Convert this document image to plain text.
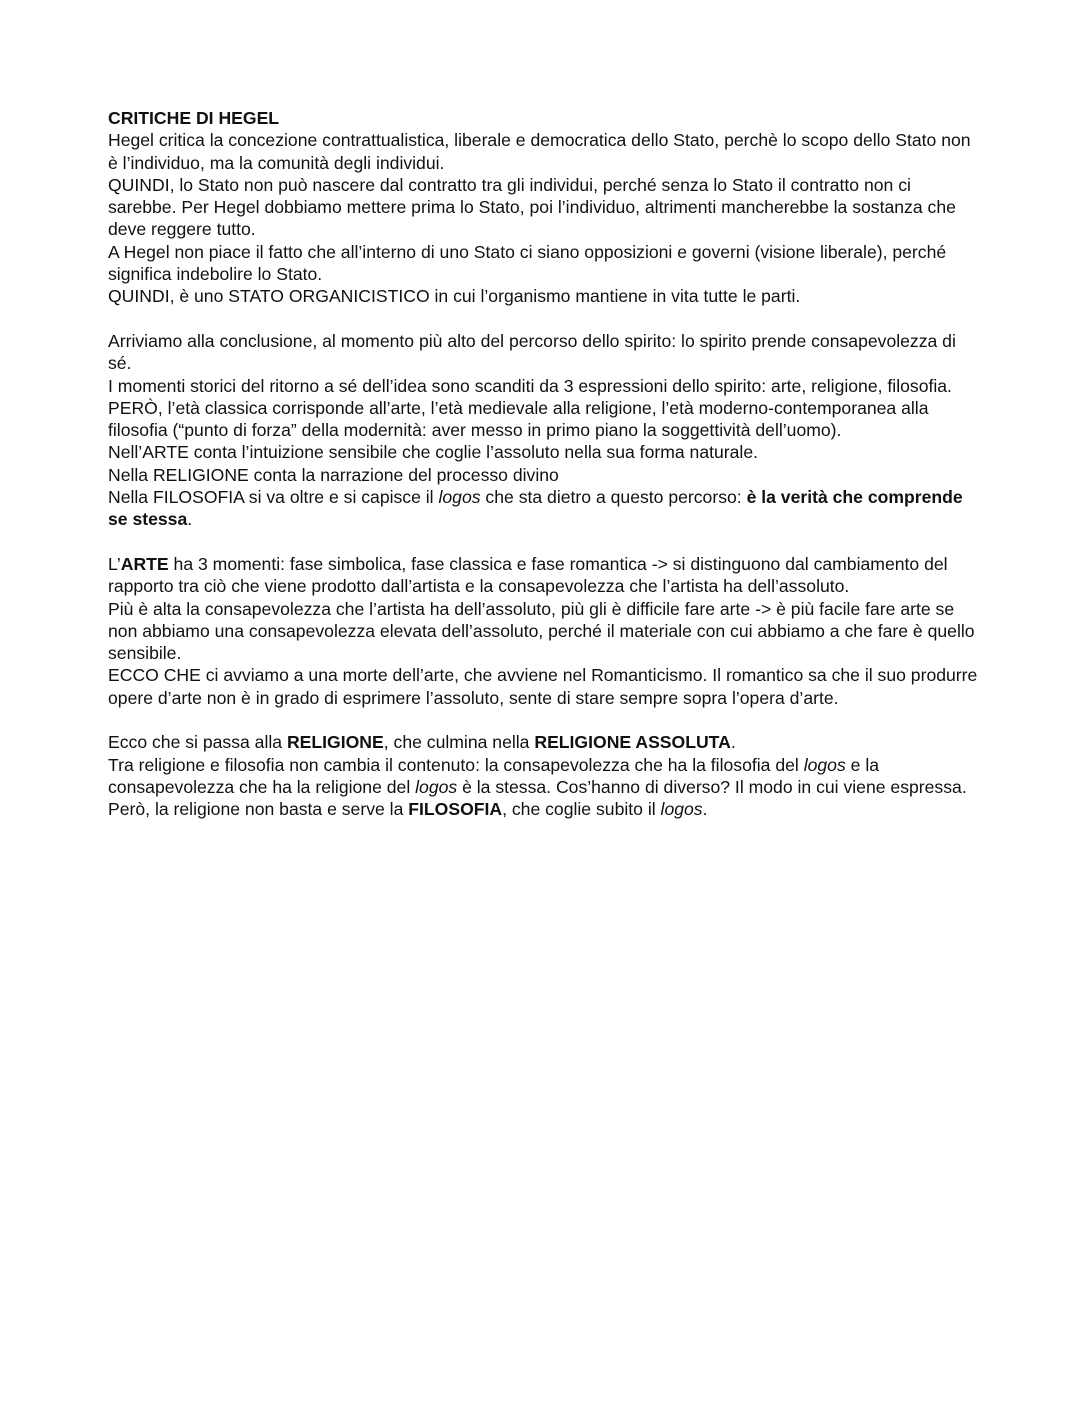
CRITICHE DI HEGEL

Hegel critica la concezione contrattualistica, liberale e democratica dello Stato, perchè lo scopo dello Stato non è l’individuo, ma la comunità degli individui.

QUINDI, lo Stato non può nascere dal contratto tra gli individui, perché senza lo Stato il contratto non ci sarebbe. Per Hegel dobbiamo mettere prima lo Stato, poi l’individuo, altrimenti mancherebbe la sostanza che deve reggere tutto.

A Hegel non piace il fatto che all’interno di uno Stato ci siano opposizioni e governi (visione liberale), perché significa indebolire lo Stato.

QUINDI, è uno STATO ORGANICISTICO in cui l’organismo mantiene in vita tutte le parti.

Arriviamo alla conclusione, al momento più alto del percorso dello spirito: lo spirito prende consapevolezza di sé.

I momenti storici del ritorno a sé dell’idea sono scanditi da 3 espressioni dello spirito: arte, religione, filosofia.

PERÒ, l’età classica corrisponde all’arte, l’età medievale alla religione, l’età moderno-contemporanea alla filosofia (“punto di forza” della modernità: aver messo in primo piano la soggettività dell’uomo).

Nell’ARTE conta l’intuizione sensibile che coglie l’assoluto nella sua forma naturale.

Nella RELIGIONE conta la narrazione del processo divino

Nella FILOSOFIA si va oltre e si capisce il logos che sta dietro a questo percorso: è la verità che comprende se stessa.

L’ARTE ha 3 momenti: fase simbolica, fase classica e fase romantica -> si distinguono dal cambiamento del rapporto tra ciò che viene prodotto dall’artista e la consapevolezza che l’artista ha dell’assoluto.

Più è alta la consapevolezza che l’artista ha dell’assoluto, più gli è difficile fare arte -> è più facile fare arte se non abbiamo una consapevolezza elevata dell’assoluto, perché il materiale con cui abbiamo a che fare è quello sensibile.

ECCO CHE ci avviamo a una morte dell’arte, che avviene nel Romanticismo. Il romantico sa che il suo produrre opere d’arte non è in grado di esprimere l’assoluto, sente di stare sempre sopra l’opera d’arte.

Ecco che si passa alla RELIGIONE, che culmina nella RELIGIONE ASSOLUTA.

Tra religione e filosofia non cambia il contenuto: la consapevolezza che ha la filosofia del logos e la consapevolezza che ha la religione del logos è la stessa. Cos’hanno di diverso? Il modo in cui viene espressa. Però, la religione non basta e serve la FILOSOFIA, che coglie subito il logos.
